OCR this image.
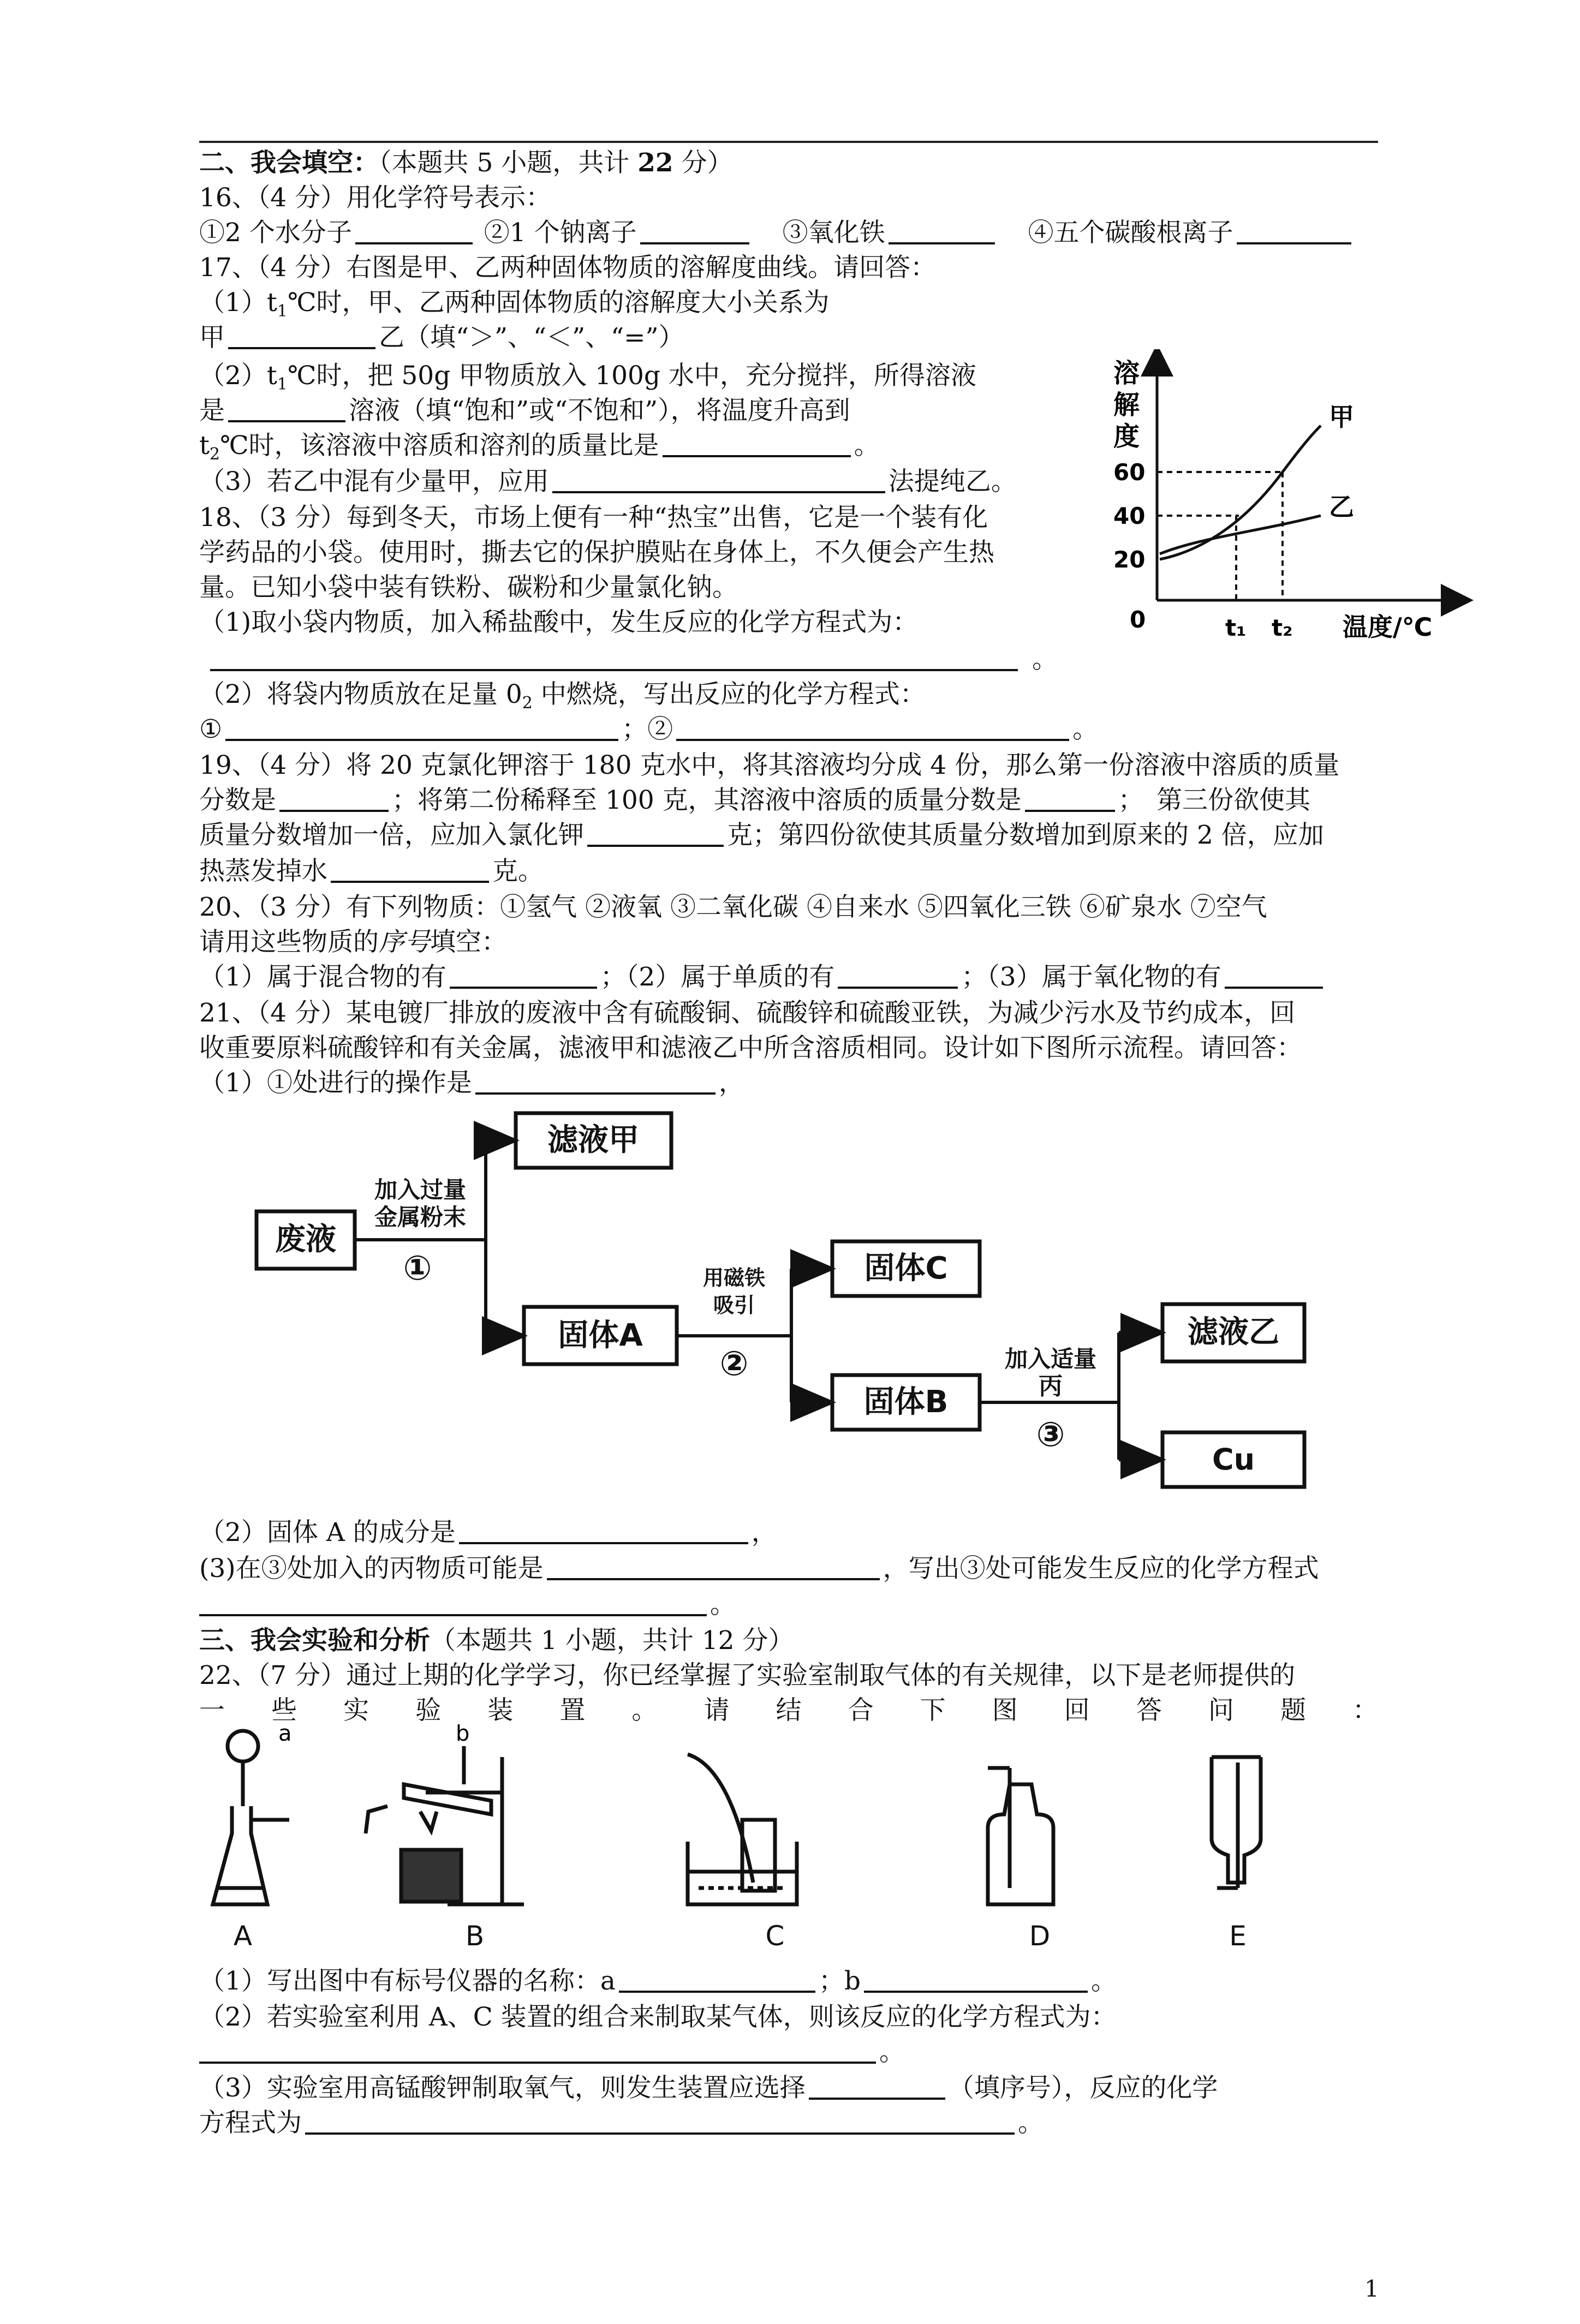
二、我会填空：（本题共 5 小题，共计 22 分）
16、（4 分）用化学符号表示：
①2 个水分子	②1 个钠离子	③氧化铁	④五个碳酸根离子
17、（4 分）右图是甲、乙两种固体物质的溶解度曲线。请回答：
$(1)t_1℃$时，甲、乙两种固体物质的溶解度大小关系为
甲	乙（填“＞”、“＜”、“=”）
$(2)t_1℃$时，把 50g 甲物质放入 100g 水中，充分搅拌，所得溶液
是	溶液（填“饱和”或“不饱和”），将温度升高到
$t_2℃$时，该溶液中溶质和溶剂的质量比是	。
（3）若乙中混有少量甲，应用	法提纯乙。
溶
解
度
60
40
20
0	t₁ t₂ 温度/℃
甲
乙
18、（3 分）每到冬天，市场上便有一种“热宝”出售，它是一个装有化
学药品的小袋。使用时，撕去它的保护膜贴在身体上，不久便会产生热
量。已知小袋中装有铁粉、碳粉和少量氯化钠。
（1)取小袋内物质，加入稀盐酸中，发生反应的化学方程式为：
。
（2）将袋内物质放在足量 $0_2$ 中燃烧，写出反应的化学方程式：
①	；②	。
19、（4 分）将 20 克氯化钾溶于 180 克水中，将其溶液均分成 4 份，那么第一份溶液中溶质的质量
分数是	；将第二份稀释至 100 克，其溶液中溶质的质量分数是	；　第三份欲使其
质量分数增加一倍，应加入氯化钾	克；第四份欲使其质量分数增加到原来的 2 倍，应加
热蒸发掉水	克。
20、（3 分）有下列物质：①氢气 ②液氧 ③二氧化碳 ④自来水 ⑤四氧化三铁 ⑥矿泉水 ⑦空气
请用这些物质的序号填空：
（1）属于混合物的有	；（2）属于单质的有	；（3）属于氧化物的有
21、（4 分）某电镀厂排放的废液中含有硫酸铜、硫酸锌和硫酸亚铁，为减少污水及节约成本，回
收重要原料硫酸锌和有关金属，滤液甲和滤液乙中所含溶质相同。设计如下图所示流程。请回答：
（1）①处进行的操作是	，
废液
滤液甲
固体A
固体C
固体B
滤液乙
Cu
加入过量
金属粉末
①	用磁铁
吸引
②	加入适量
丙
③
（2）固体 A 的成分是	，
(3)在③处加入的丙物质可能是	，写出③处可能发生反应的化学方程式
。
三、我会实验和分析（本题共 1 小题，共计 12 分）
22、（7 分）通过上期的化学学习，你已经掌握了实验室制取气体的有关规律，以下是老师提供的
一 些 实 验 装 置 。 请 结 合 下 图 回 答 问 题 ：
a	b
A	B	C	D	E
（1）写出图中有标号仪器的名称：a	；b	。
（2）若实验室利用 A、C 装置的组合来制取某气体，则该反应的化学方程式为：
。
（3）实验室用高锰酸钾制取氧气，则发生装置应选择	（填序号），反应的化学
方程式为	。
1
